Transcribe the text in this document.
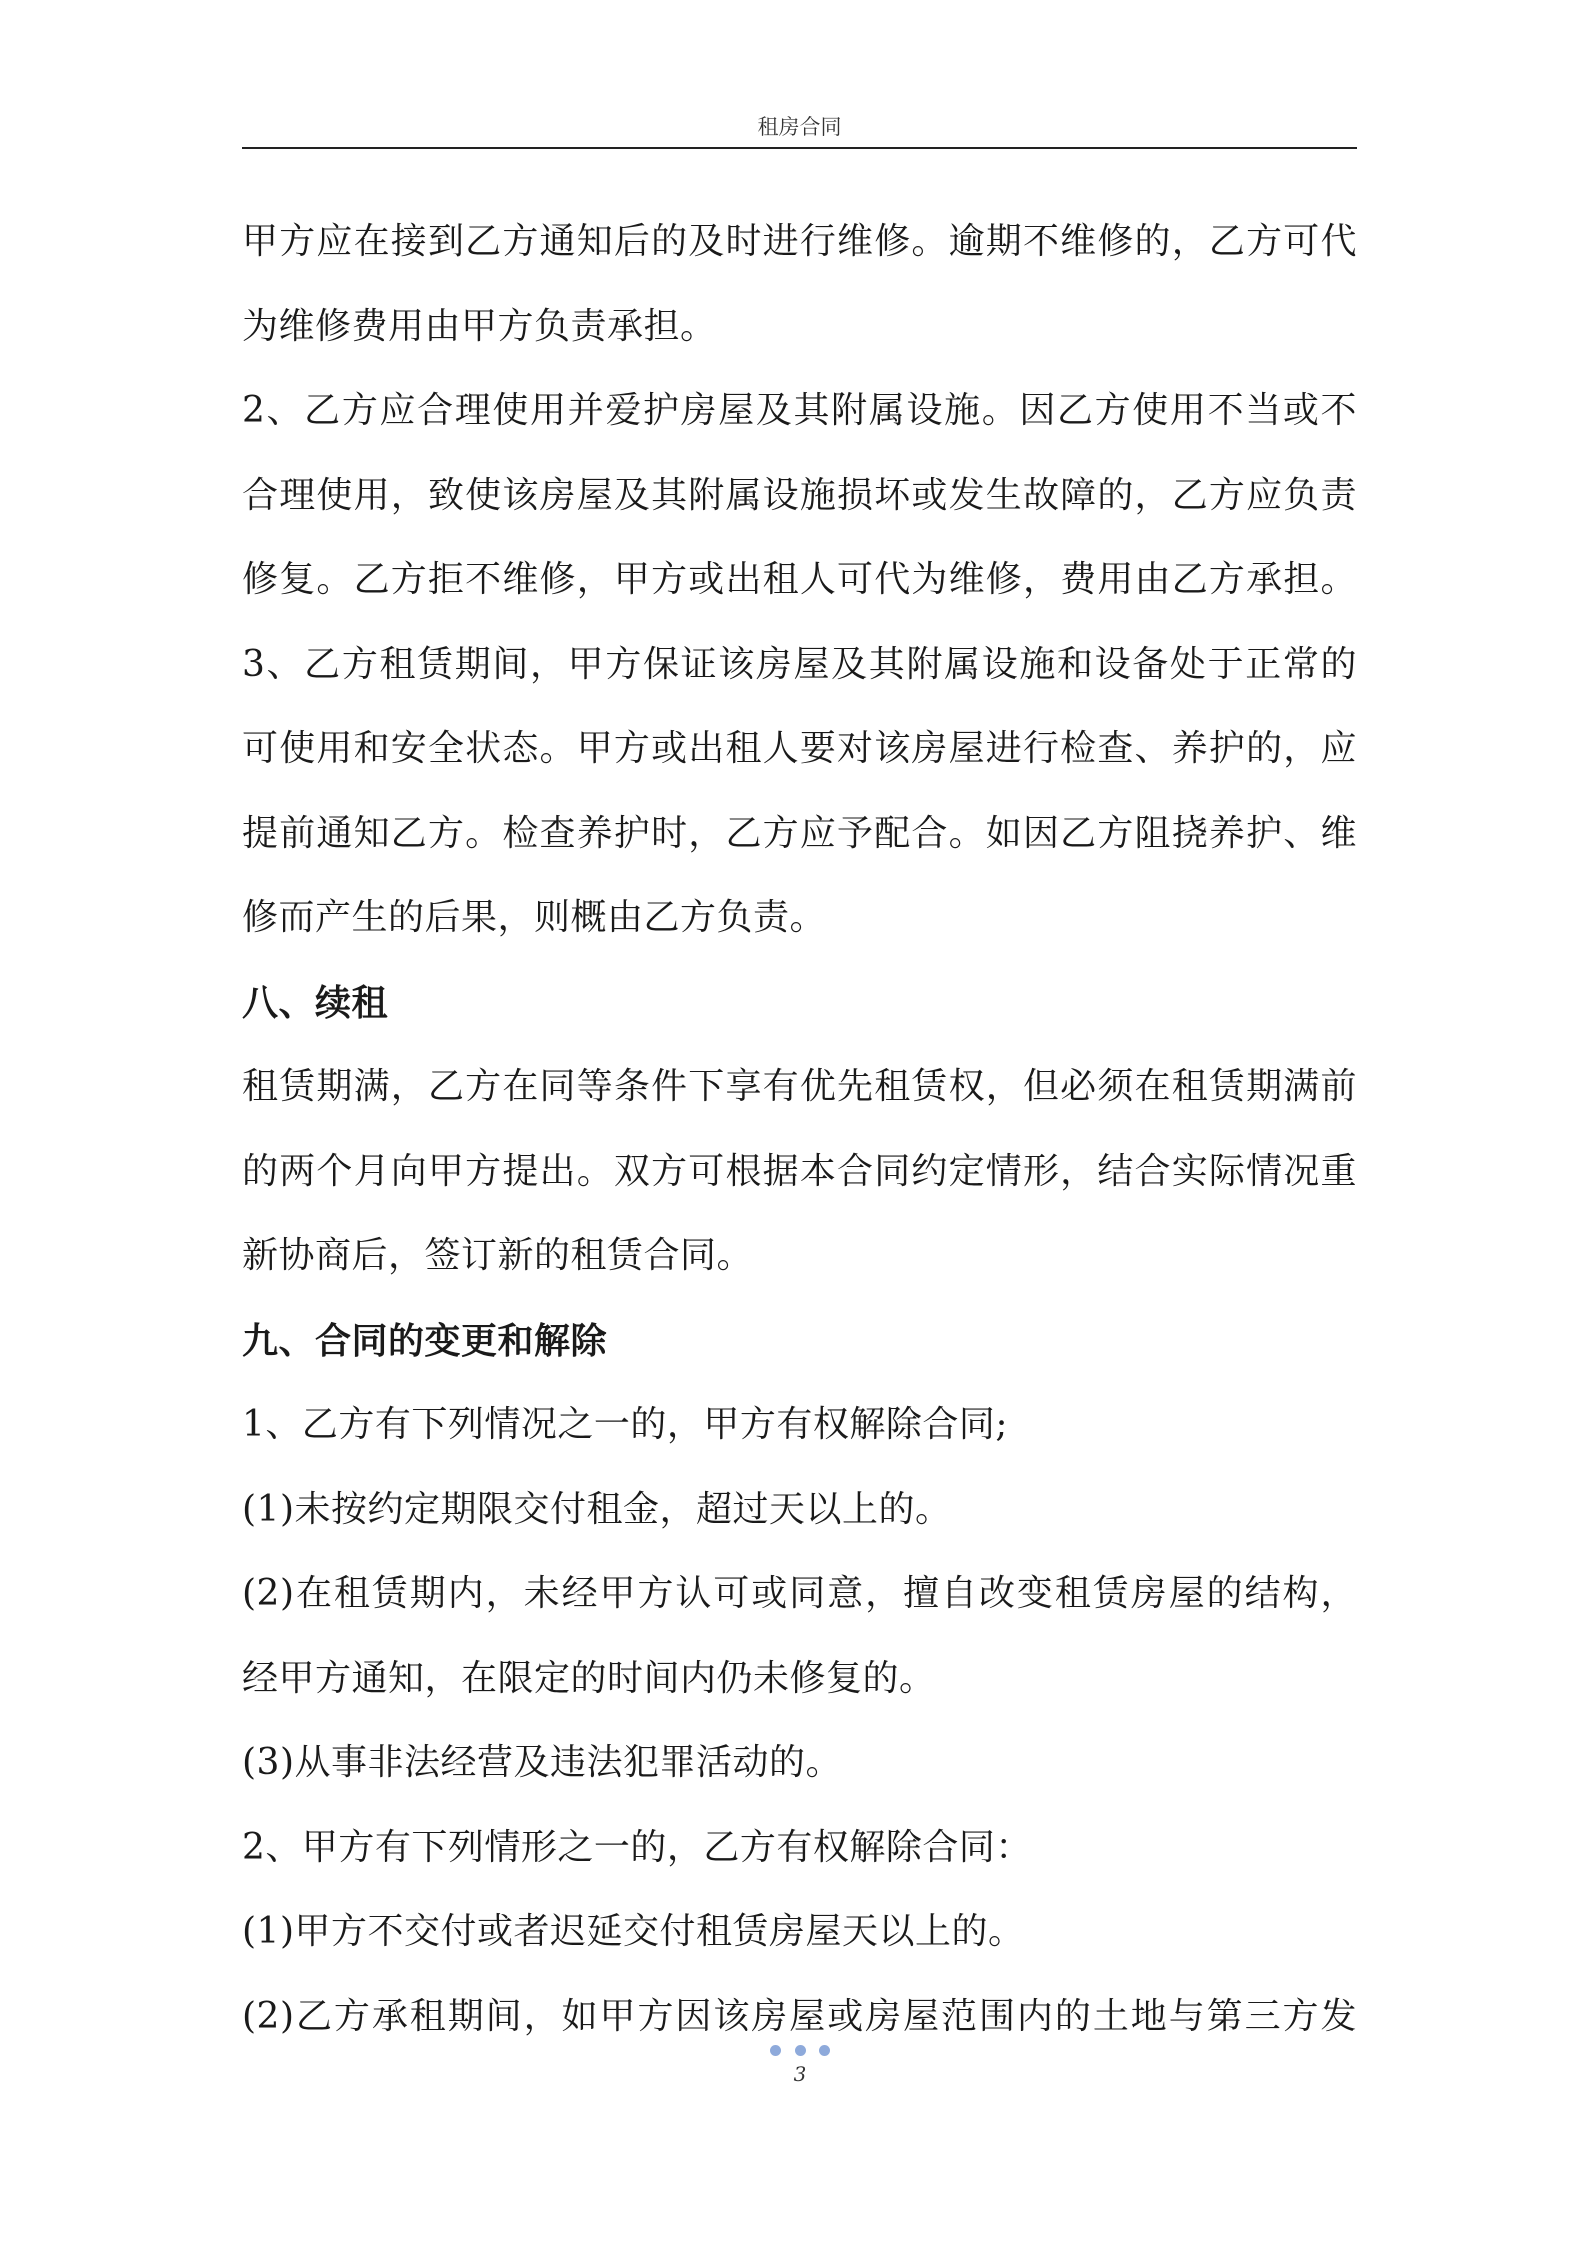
租房合同
甲方应在接到乙方通知后的及时进行维修。逾期不维修的，乙方可代
为维修费用由甲方负责承担。
2、乙方应合理使用并爱护房屋及其附属设施。因乙方使用不当或不
合理使用，致使该房屋及其附属设施损坏或发生故障的，乙方应负责
修复。乙方拒不维修，甲方或出租人可代为维修，费用由乙方承担。
3、乙方租赁期间，甲方保证该房屋及其附属设施和设备处于正常的
可使用和安全状态。甲方或出租人要对该房屋进行检查、养护的，应
提前通知乙方。检查养护时，乙方应予配合。如因乙方阻挠养护、维
修而产生的后果，则概由乙方负责。
八、续租
租赁期满，乙方在同等条件下享有优先租赁权，但必须在租赁期满前
的两个月向甲方提出。双方可根据本合同约定情形，结合实际情况重
新协商后，签订新的租赁合同。
九、合同的变更和解除
1、乙方有下列情况之一的，甲方有权解除合同;
(1)未按约定期限交付租金，超过天以上的。
(2)在租赁期内，未经甲方认可或同意，擅自改变租赁房屋的结构，
经甲方通知，在限定的时间内仍未修复的。
(3)从事非法经营及违法犯罪活动的。
2、甲方有下列情形之一的，乙方有权解除合同：
(1)甲方不交付或者迟延交付租赁房屋天以上的。
(2)乙方承租期间，如甲方因该房屋或房屋范围内的土地与第三方发
3
